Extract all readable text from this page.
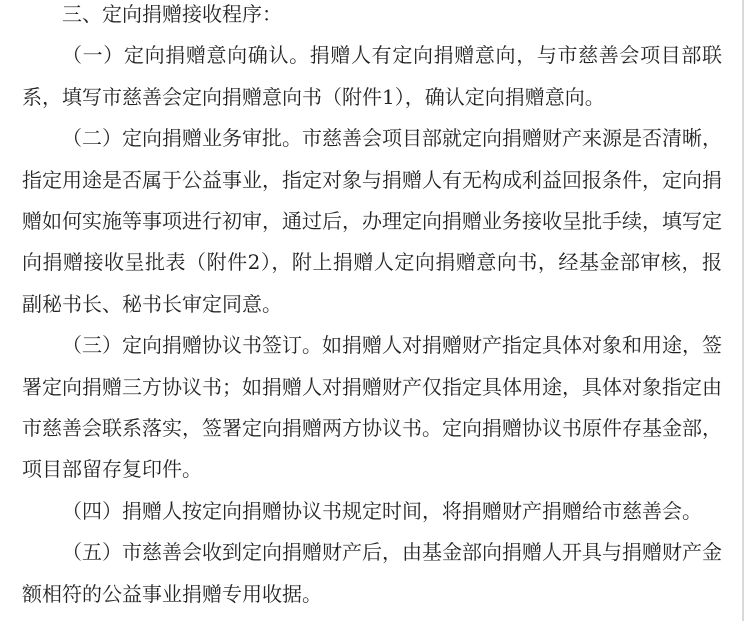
三、定向捐赠接收程序：

（一）定向捐赠意向确认。捐赠人有定向捐赠意向，与市慈善会项目部联系，填写市慈善会定向捐赠意向书（附件1），确认定向捐赠意向。

（二）定向捐赠业务审批。市慈善会项目部就定向捐赠财产来源是否清晰，指定用途是否属于公益事业，指定对象与捐赠人有无构成利益回报条件，定向捐赠如何实施等事项进行初审，通过后，办理定向捐赠业务接收呈批手续，填写定向捐赠接收呈批表（附件2），附上捐赠人定向捐赠意向书，经基金部审核，报副秘书长、秘书长审定同意。

（三）定向捐赠协议书签订。如捐赠人对捐赠财产指定具体对象和用途，签署定向捐赠三方协议书；如捐赠人对捐赠财产仅指定具体用途，具体对象指定由市慈善会联系落实，签署定向捐赠两方协议书。定向捐赠协议书原件存基金部，项目部留存复印件。

（四）捐赠人按定向捐赠协议书规定时间，将捐赠财产捐赠给市慈善会。

（五）市慈善会收到定向捐赠财产后，由基金部向捐赠人开具与捐赠财产金额相符的公益事业捐赠专用收据。
